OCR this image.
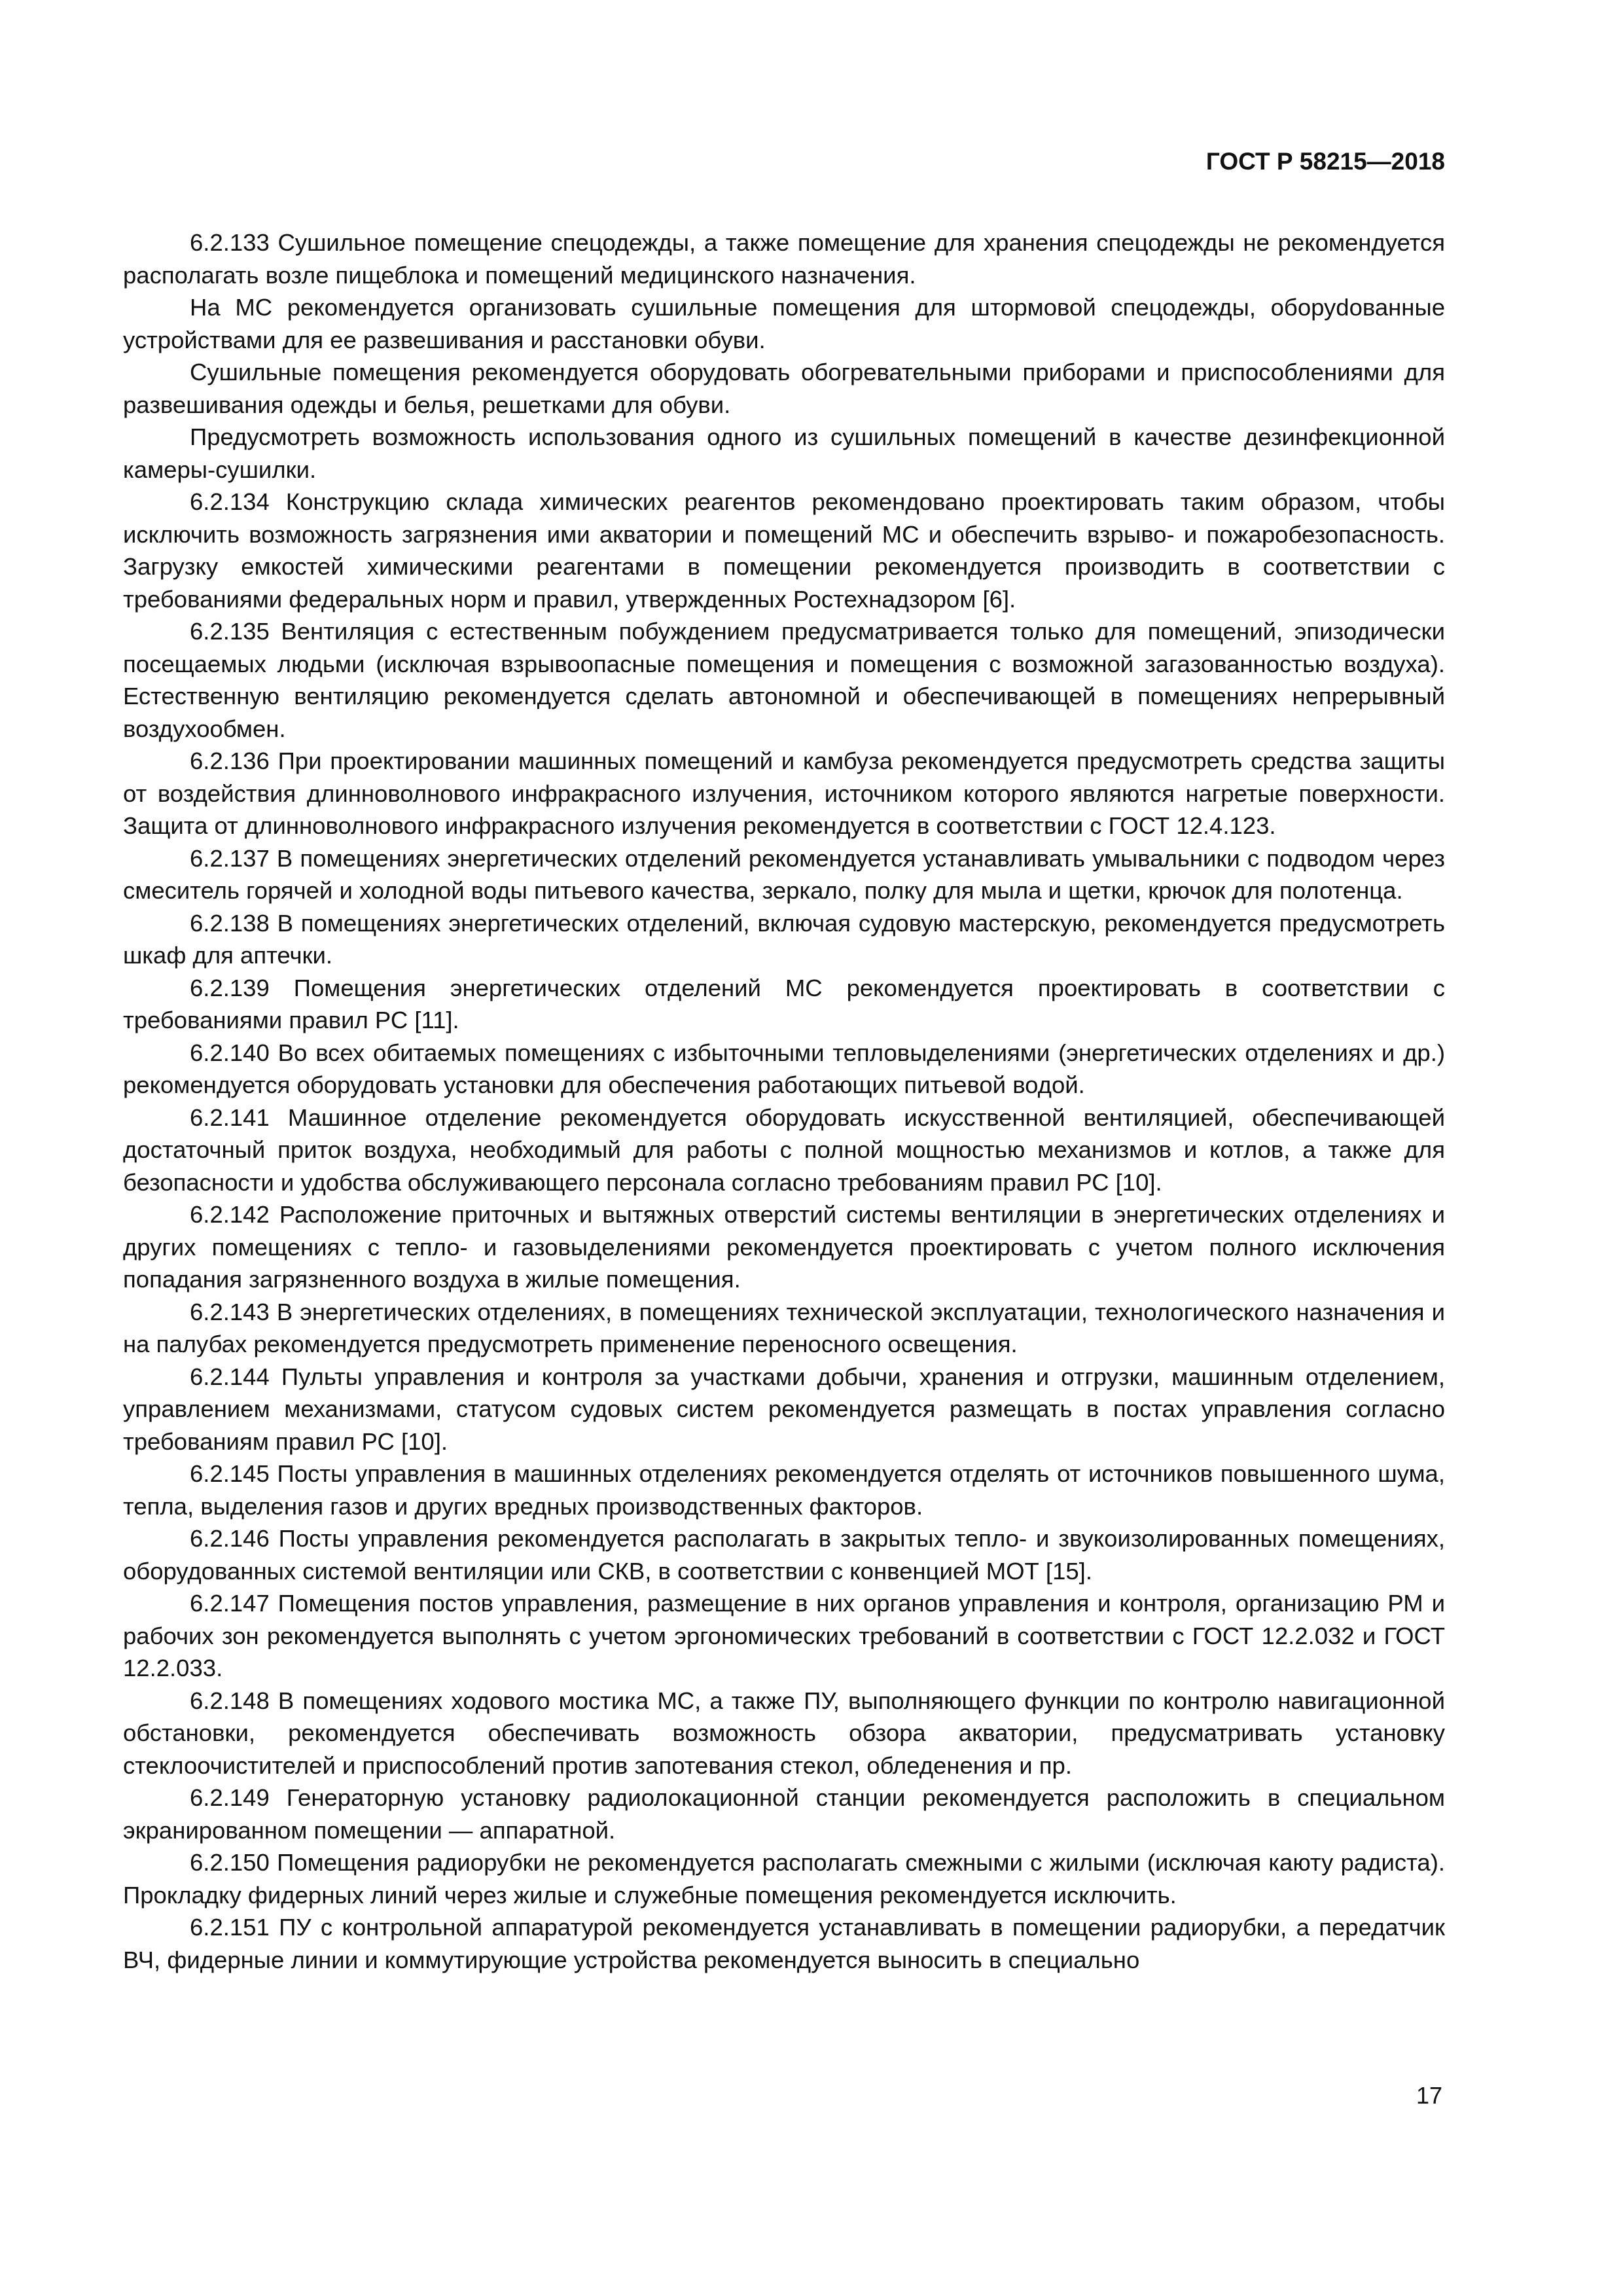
ГОСТ Р 58215—2018

6.2.133 Сушильное помещение спецодежды, а также помещение для хранения спецодежды не рекомендуется располагать возле пищеблока и помещений медицинского назначения.

На МС рекомендуется организовать сушильные помещения для штормовой спецодежды, оборуdованные устройствами для ее развешивания и расстановки обуви.

Сушильные помещения рекомендуется оборудовать обогревательными приборами и приспособлениями для развешивания одежды и белья, решетками для обуви.

Предусмотреть возможность использования одного из сушильных помещений в качестве дезинфекционной камеры-сушилки.

6.2.134 Конструкцию склада химических реагентов рекомендовано проектировать таким образом, чтобы исключить возможность загрязнения ими акватории и помещений МС и обеспечить взрыво- и пожаробезопасность. Загрузку емкостей химическими реагентами в помещении рекомендуется производить в соответствии с требованиями федеральных норм и правил, утвержденных Ростехнадзором [6].

6.2.135 Вентиляция с естественным побуждением предусматривается только для помещений, эпизодически посещаемых людьми (исключая взрывоопасные помещения и помещения с возможной загазованностью воздуха). Естественную вентиляцию рекомендуется сделать автономной и обеспечивающей в помещениях непрерывный воздухообмен.

6.2.136 При проектировании машинных помещений и камбуза рекомендуется предусмотреть средства защиты от воздействия длинноволнового инфракрасного излучения, источником которого являются нагретые поверхности. Защита от длинноволнового инфракрасного излучения рекомендуется в соответствии с ГОСТ 12.4.123.

6.2.137 В помещениях энергетических отделений рекомендуется устанавливать умывальники с подводом через смеситель горячей и холодной воды питьевого качества, зеркало, полку для мыла и щетки, крючок для полотенца.

6.2.138 В помещениях энергетических отделений, включая судовую мастерскую, рекомендуется предусмотреть шкаф для аптечки.

6.2.139 Помещения энергетических отделений МС рекомендуется проектировать в соответствии с требованиями правил РС [11].

6.2.140 Во всех обитаемых помещениях с избыточными тепловыделениями (энергетических отделениях и др.) рекомендуется оборудовать установки для обеспечения работающих питьевой водой.

6.2.141 Машинное отделение рекомендуется оборудовать искусственной вентиляцией, обеспечивающей достаточный приток воздуха, необходимый для работы с полной мощностью механизмов и котлов, а также для безопасности и удобства обслуживающего персонала согласно требованиям правил РС [10].

6.2.142 Расположение приточных и вытяжных отверстий системы вентиляции в энергетических отделениях и других помещениях с тепло- и газовыделениями рекомендуется проектировать с учетом полного исключения попадания загрязненного воздуха в жилые помещения.

6.2.143 В энергетических отделениях, в помещениях технической эксплуатации, технологического назначения и на палубах рекомендуется предусмотреть применение переносного освещения.

6.2.144 Пульты управления и контроля за участками добычи, хранения и отгрузки, машинным отделением, управлением механизмами, статусом судовых систем рекомендуется размещать в постах управления согласно требованиям правил РС [10].

6.2.145 Посты управления в машинных отделениях рекомендуется отделять от источников повышенного шума, тепла, выделения газов и других вредных производственных факторов.

6.2.146 Посты управления рекомендуется располагать в закрытых тепло- и звукоизолированных помещениях, оборудованных системой вентиляции или СКВ, в соответствии с конвенцией МОТ [15].

6.2.147 Помещения постов управления, размещение в них органов управления и контроля, организацию РМ и рабочих зон рекомендуется выполнять с учетом эргономических требований в соответствии с ГОСТ 12.2.032 и ГОСТ 12.2.033.

6.2.148 В помещениях ходового мостика МС, а также ПУ, выполняющего функции по контролю навигационной обстановки, рекомендуется обеспечивать возможность обзора акватории, предусматривать установку стеклоочистителей и приспособлений против запотевания стекол, обледенения и пр.

6.2.149 Генераторную установку радиолокационной станции рекомендуется расположить в специальном экранированном помещении — аппаратной.

6.2.150 Помещения радиорубки не рекомендуется располагать смежными с жилыми (исключая каюту радиста). Прокладку фидерных линий через жилые и служебные помещения рекомендуется исключить.

6.2.151 ПУ с контрольной аппаратурой рекомендуется устанавливать в помещении радиорубки, а передатчик ВЧ, фидерные линии и коммутирующие устройства рекомендуется выносить в специально

17
